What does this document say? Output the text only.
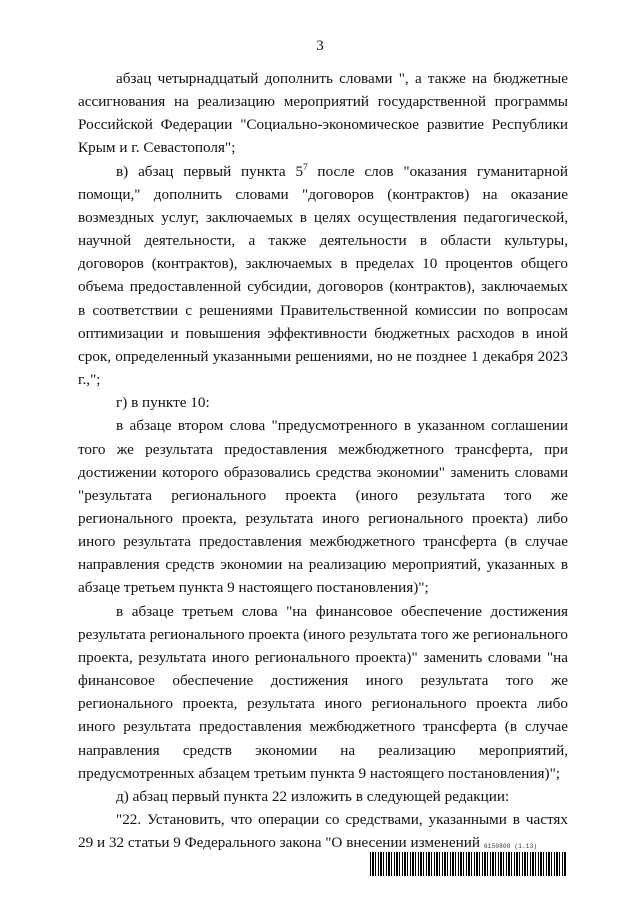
3

абзац четырнадцатый дополнить словами ", а также на бюджетные ассигнования на реализацию мероприятий государственной программы Российской Федерации "Социально-экономическое развитие Республики Крым и г. Севастополя";

в) абзац первый пункта $5^7$ после слов "оказания гуманитарной помощи," дополнить словами "договоров (контрактов) на оказание возмездных услуг, заключаемых в целях осуществления педагогической, научной деятельности, а также деятельности в области культуры, договоров (контрактов), заключаемых в пределах 10 процентов общего объема предоставленной субсидии, договоров (контрактов), заключаемых в соответствии с решениями Правительственной комиссии по вопросам оптимизации и повышения эффективности бюджетных расходов в иной срок, определенный указанными решениями, но не позднее 1 декабря 2023 г.,";

г) в пункте 10:

в абзаце втором слова "предусмотренного в указанном соглашении того же результата предоставления межбюджетного трансферта, при достижении которого образовались средства экономии" заменить словами "результата регионального проекта (иного результата того же регионального проекта, результата иного регионального проекта) либо иного результата предоставления межбюджетного трансферта (в случае направления средств экономии на реализацию мероприятий, указанных в абзаце третьем пункта 9 настоящего постановления)";

в абзаце третьем слова "на финансовое обеспечение достижения результата регионального проекта (иного результата того же регионального проекта, результата иного регионального проекта)" заменить словами "на финансовое обеспечение достижения иного результата того же регионального проекта, результата иного регионального проекта либо иного результата предоставления межбюджетного трансферта (в случае направления средств экономии на реализацию мероприятий, предусмотренных абзацем третьим пункта 9 настоящего постановления)";

д) абзац первый пункта 22 изложить в следующей редакции:

"22. Установить, что операции со средствами, указанными в частях 29 и 32 статьи 9 Федерального закона "О внесении изменений 6150808 (1.13)
